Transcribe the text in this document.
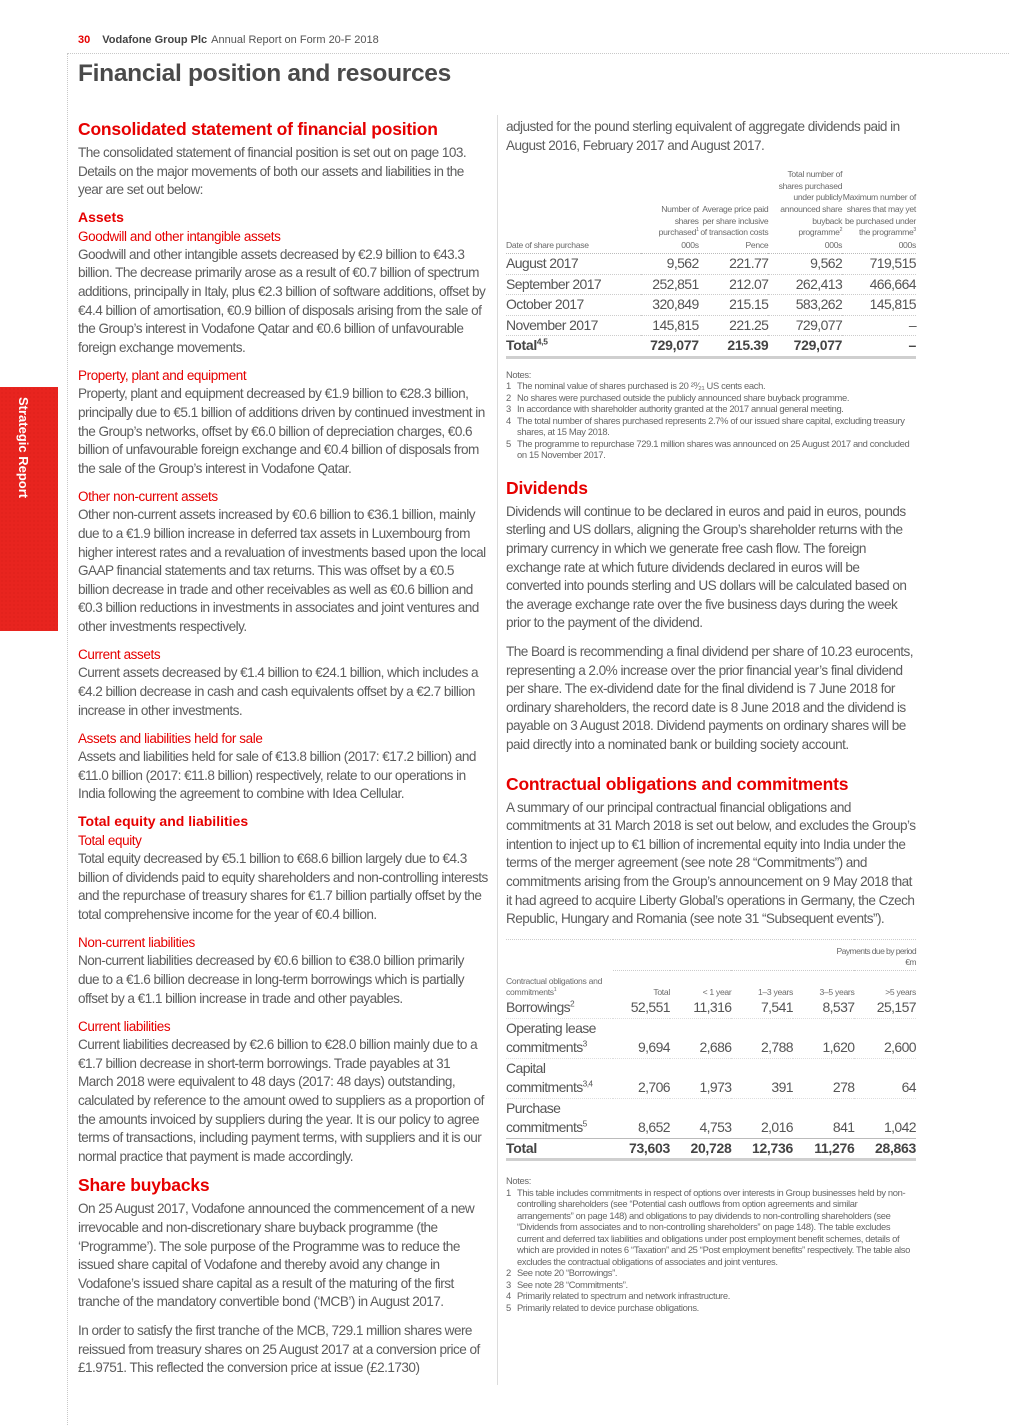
30 Vodafone Group Plc Annual Report on Form 20-F 2018
Financial position and resources
Strategic Report
Consolidated statement of financial position
The consolidated statement of financial position is set out on page 103. Details on the major movements of both our assets and liabilities in the year are set out below:
Assets
Goodwill and other intangible assets
Goodwill and other intangible assets decreased by €2.9 billion to €43.3 billion. The decrease primarily arose as a result of €0.7 billion of spectrum additions, principally in Italy, plus €2.3 billion of software additions, offset by €4.4 billion of amortisation, €0.9 billion of disposals arising from the sale of the Group’s interest in Vodafone Qatar and €0.6 billion of unfavourable foreign exchange movements.
Property, plant and equipment
Property, plant and equipment decreased by €1.9 billion to €28.3 billion, principally due to €5.1 billion of additions driven by continued investment in the Group’s networks, offset by €6.0 billion of depreciation charges, €0.6 billion of unfavourable foreign exchange and €0.4 billion of disposals from the sale of the Group’s interest in Vodafone Qatar.
Other non-current assets
Other non-current assets increased by €0.6 billion to €36.1 billion, mainly due to a €1.9 billion increase in deferred tax assets in Luxembourg from higher interest rates and a revaluation of investments based upon the local GAAP financial statements and tax returns. This was offset by a €0.5 billion decrease in trade and other receivables as well as €0.6 billion and €0.3 billion reductions in investments in associates and joint ventures and other investments respectively.
Current assets
Current assets decreased by €1.4 billion to €24.1 billion, which includes a €4.2 billion decrease in cash and cash equivalents offset by a €2.7 billion increase in other investments.
Assets and liabilities held for sale
Assets and liabilities held for sale of €13.8 billion (2017: €17.2 billion) and €11.0 billion (2017: €11.8 billion) respectively, relate to our operations in India following the agreement to combine with Idea Cellular.
Total equity and liabilities
Total equity
Total equity decreased by €5.1 billion to €68.6 billion largely due to €4.3 billion of dividends paid to equity shareholders and non-controlling interests and the repurchase of treasury shares for €1.7 billion partially offset by the total comprehensive income for the year of €0.4 billion.
Non-current liabilities
Non-current liabilities decreased by €0.6 billion to €38.0 billion primarily due to a €1.6 billion decrease in long-term borrowings which is partially offset by a €1.1 billion increase in trade and other payables.
Current liabilities
Current liabilities decreased by €2.6 billion to €28.0 billion mainly due to a €1.7 billion decrease in short-term borrowings. Trade payables at 31 March 2018 were equivalent to 48 days (2017: 48 days) outstanding, calculated by reference to the amount owed to suppliers as a proportion of the amounts invoiced by suppliers during the year. It is our policy to agree terms of transactions, including payment terms, with suppliers and it is our normal practice that payment is made accordingly.
Share buybacks
On 25 August 2017, Vodafone announced the commencement of a new irrevocable and non-discretionary share buyback programme (the ‘Programme’). The sole purpose of the Programme was to reduce the issued share capital of Vodafone and thereby avoid any change in Vodafone’s issued share capital as a result of the maturing of the first tranche of the mandatory convertible bond (‘MCB’) in August 2017.
In order to satisfy the first tranche of the MCB, 729.1 million shares were reissued from treasury shares on 25 August 2017 at a conversion price of £1.9751. This reflected the conversion price at issue (£2.1730)
adjusted for the pound sterling equivalent of aggregate dividends paid in August 2016, February 2017 and August 2017.
	Number of shares purchased$^1$	Average price paid per share inclusive of transaction costs	Total number of shares purchased under publicly announced share buyback programme$^2$	Maximum number of shares that may yet be purchased under the programme$^3$
Date of share purchase	000s	Pence	000s	000s
August 2017	9,562	221.77	9,562	719,515
September 2017	252,851	212.07	262,413	466,664
October 2017	320,849	215.15	583,262	145,815
November 2017	145,815	221.25	729,077	–
Total$^{4,5}$	729,077	215.39	729,077	–
Notes:
1 The nominal value of shares purchased is 20 ²⁰⁄₂₁ US cents each.
2 No shares were purchased outside the publicly announced share buyback programme.
3 In accordance with shareholder authority granted at the 2017 annual general meeting.
4 The total number of shares purchased represents 2.7% of our issued share capital, excluding treasury shares, at 15 May 2018.
5 The programme to repurchase 729.1 million shares was announced on 25 August 2017 and concluded on 15 November 2017.
Dividends
Dividends will continue to be declared in euros and paid in euros, pounds sterling and US dollars, aligning the Group’s shareholder returns with the primary currency in which we generate free cash flow. The foreign exchange rate at which future dividends declared in euros will be converted into pounds sterling and US dollars will be calculated based on the average exchange rate over the five business days during the week prior to the payment of the dividend.
The Board is recommending a final dividend per share of 10.23 eurocents, representing a 2.0% increase over the prior financial year’s final dividend per share. The ex-dividend date for the final dividend is 7 June 2018 for ordinary shareholders, the record date is 8 June 2018 and the dividend is payable on 3 August 2018. Dividend payments on ordinary shares will be paid directly into a nominated bank or building society account.
Contractual obligations and commitments
A summary of our principal contractual financial obligations and commitments at 31 March 2018 is set out below, and excludes the Group’s intention to inject up to €1 billion of incremental equity into India under the terms of the merger agreement (see note 28 “Commitments”) and commitments arising from the Group’s announcement on 9 May 2018 that it had agreed to acquire Liberty Global’s operations in Germany, the Czech Republic, Hungary and Romania (see note 31 “Subsequent events”).

	Payments due by period
€m				

Contractual obligations and commitments$^1$	Total	< 1 year	1–3 years	3–5 years	>5 years
Borrowings$^2$	52,551	11,316	7,541	8,537	25,157
Operating lease commitments$^3$	9,694	2,686	2,788	1,620	2,600
Capital commitments$^{3,4}$	2,706	1,973	391	278	64
Purchase commitments$^5$	8,652	4,753	2,016	841	1,042
Total	73,603	20,728	12,736	11,276	28,863
Notes:
1 This table includes commitments in respect of options over interests in Group businesses held by non-controlling shareholders (see “Potential cash outflows from option agreements and similar arrangements” on page 148) and obligations to pay dividends to non-controlling shareholders (see “Dividends from associates and to non-controlling shareholders” on page 148). The table excludes current and deferred tax liabilities and obligations under post employment benefit schemes, details of which are provided in notes 6 “Taxation” and 25 “Post employment benefits” respectively. The table also excludes the contractual obligations of associates and joint ventures.
2 See note 20 “Borrowings”.
3 See note 28 “Commitments”.
4 Primarily related to spectrum and network infrastructure.
5 Primarily related to device purchase obligations.
